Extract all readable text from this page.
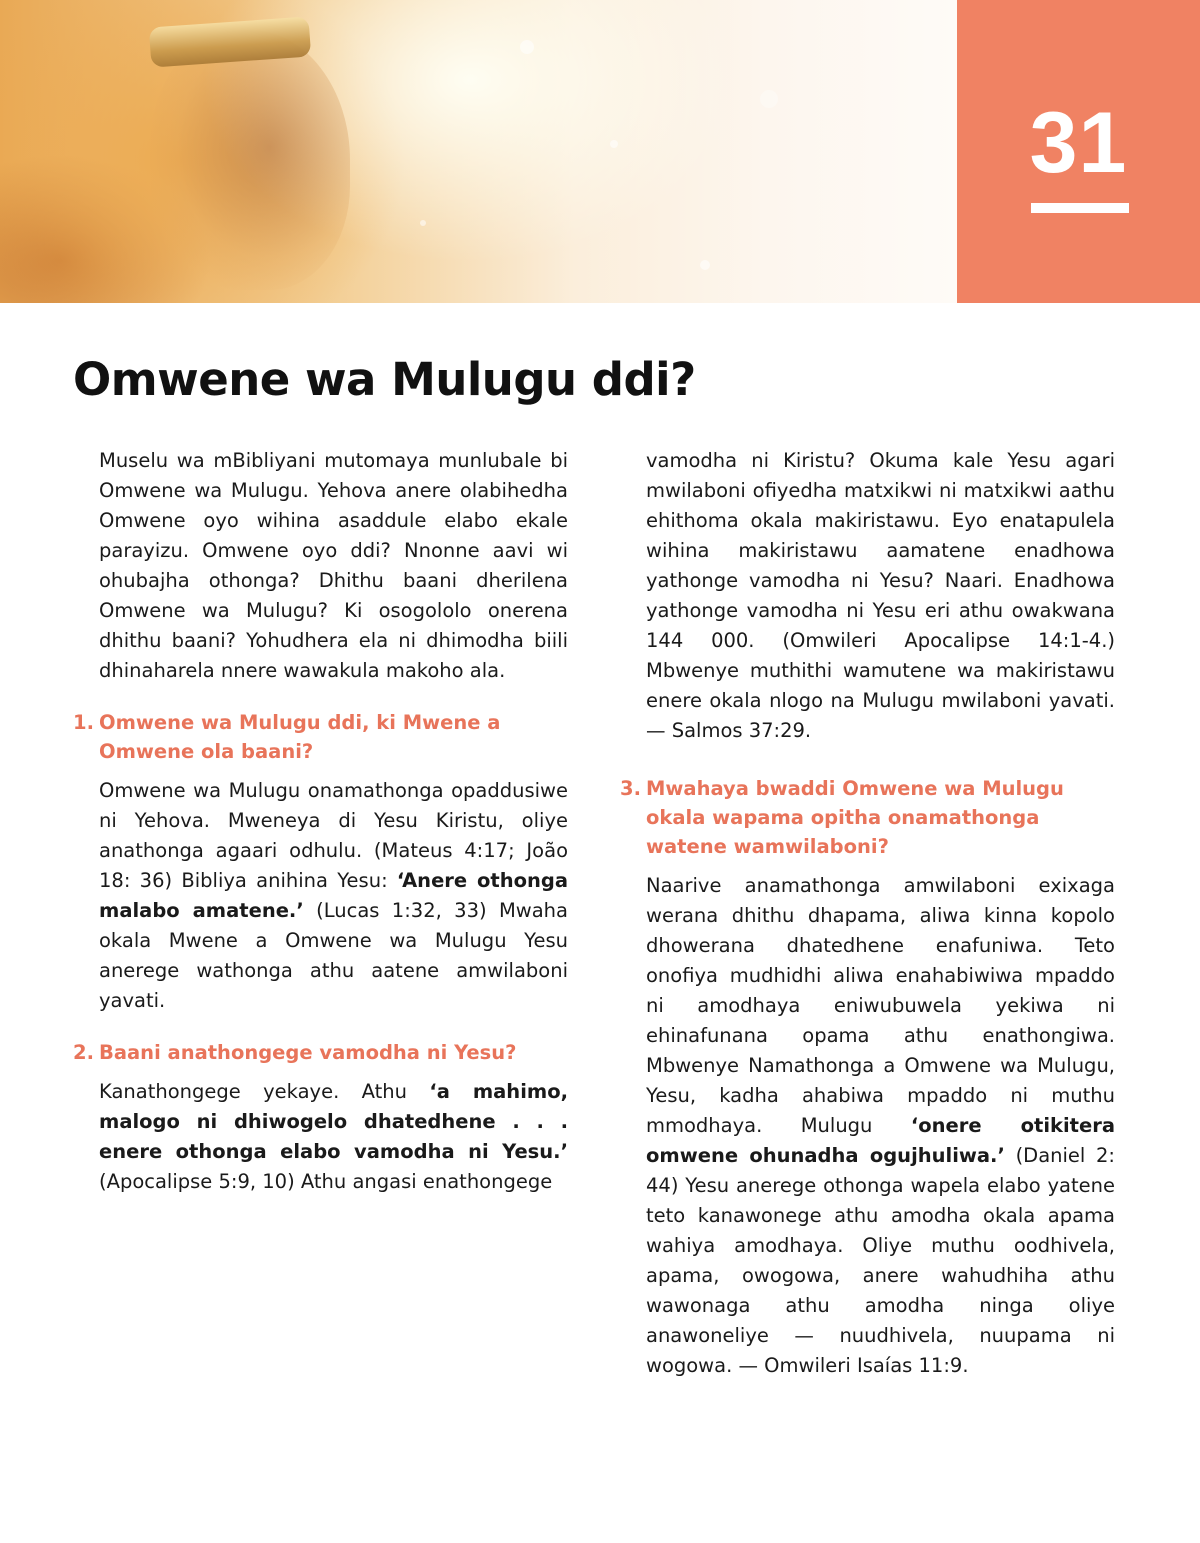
31
Omwene wa Mulugu ddi?

Muselu wa mBibliyani mutomaya munlubale bi Omwene wa Mulugu. Yehova anere olabihedha Omwene oyo wihina asaddule elabo ekale parayizu. Omwene oyo ddi? Nnonne aavi wi ohubajha othonga? Dhithu baani dherilena Omwene wa Mulugu? Ki osogololo onerena dhithu baani? Yohudhera ela ni dhimodha biili dhinaharela nnere wawakula makoho ala.

1. Omwene wa Mulugu ddi, ki Mwene a Omwene ola baani?

Omwene wa Mulugu onamathonga opaddusiwe ni Yehova. Mweneya di Yesu Kiristu, oliye anathonga agaari odhulu. (Mateus 4:17; João 18: 36) Bibliya anihina Yesu: ‘Anere othonga malabo amatene.’ (Lucas 1:32, 33) Mwaha okala Mwene a Omwene wa Mulugu Yesu anerege wathonga athu aatene amwilaboni yavati.

2. Baani anathongege vamodha ni Yesu?

Kanathongege yekaye. Athu ‘a mahimo, malogo ni dhiwogelo dhatedhene . . . enere othonga elabo vamodha ni Yesu.’ (Apocalipse 5:9, 10) Athu angasi enathongege

vamodha ni Kiristu? Okuma kale Yesu agari mwilaboni ofiyedha matxikwi ni matxikwi aathu ehithoma okala makiristawu. Eyo enatapulela wihina makiristawu aamatene enadhowa yathonge vamodha ni Yesu? Naari. Enadhowa yathonge vamodha ni Yesu eri athu owakwana 144 000. (Omwileri Apocalipse 14:1-4.) Mbwenye muthithi wamutene wa makiristawu enere okala nlogo na Mulugu mwilaboni yavati. — Salmos 37:29.

3. Mwahaya bwaddi Omwene wa Mulugu okala wapama opitha onamathonga watene wamwilaboni?

Naarive anamathonga amwilaboni exixaga werana dhithu dhapama, aliwa kinna kopolo dhowerana dhatedhene enafuniwa. Teto onofiya mudhidhi aliwa enahabiwiwa mpaddo ni amodhaya eniwubuwela yekiwa ni ehinafunana opama athu enathongiwa. Mbwenye Namathonga a Omwene wa Mulugu, Yesu, kadha ahabiwa mpaddo ni muthu mmodhaya. Mulugu ‘onere otikitera omwene ohunadha ogujhuliwa.’ (Daniel 2: 44) Yesu anerege othonga wapela elabo yatene teto kanawonege athu amodha okala apama wahiya amodhaya. Oliye muthu oodhivela, apama, owogowa, anere wahudhiha athu wawonaga athu amodha ninga oliye anawoneliye — nuudhivela, nuupama ni wogowa. — Omwileri Isaías 11:9.
